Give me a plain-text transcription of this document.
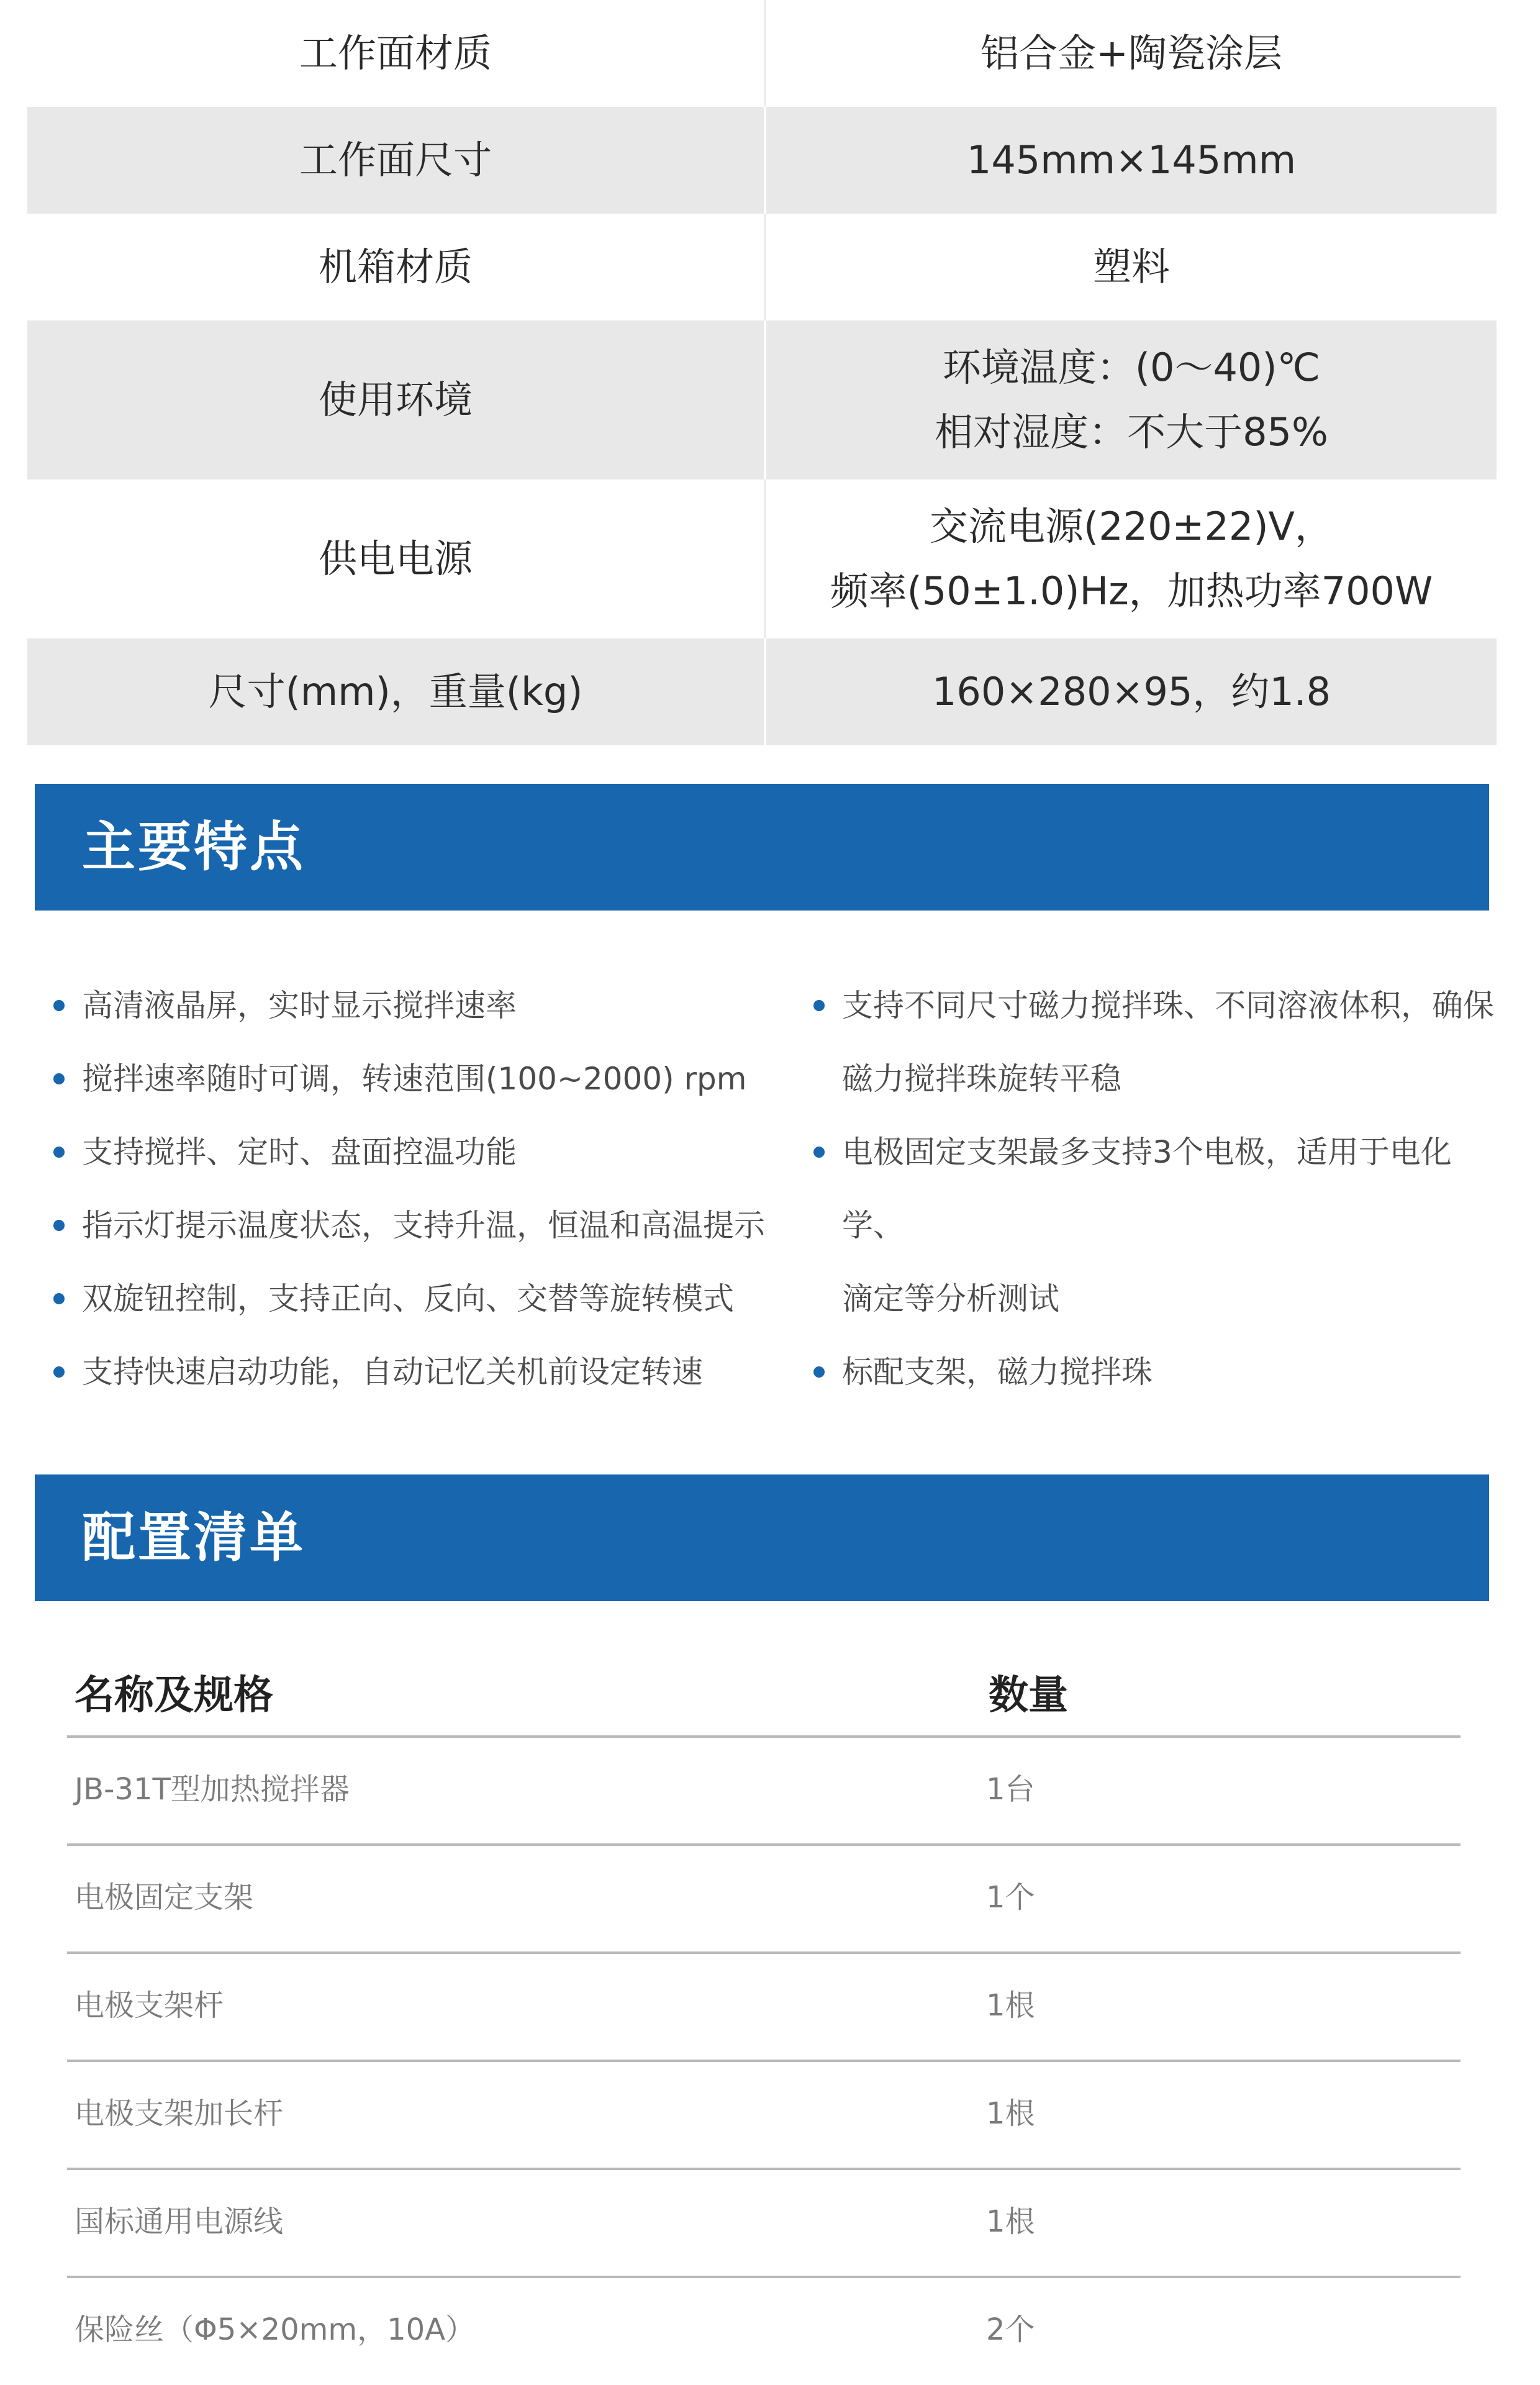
工作面材质	铝合金+陶瓷涂层
工作面尺寸	145mm×145mm
机箱材质	塑料
使用环境	环境温度：(0～40)℃
相对湿度：不大于85%

供电电源	交流电源(220±22)V，
频率(50±1.0)Hz，加热功率700W

尺寸(mm)，重量(kg)	160×280×95，约1.8
主要特点
高清液晶屏，实时显示搅拌速率
搅拌速率随时可调，转速范围(100~2000) rpm
支持搅拌、定时、盘面控温功能
指示灯提示温度状态，支持升温，恒温和高温提示
双旋钮控制，支持正向、反向、交替等旋转模式
支持快速启动功能，自动记忆关机前设定转速
支持不同尺寸磁力搅拌珠、不同溶液体积，确保
磁力搅拌珠旋转平稳
电极固定支架最多支持3个电极，适用于电化学、
滴定等分析测试
标配支架，磁力搅拌珠
配置清单
名称及规格	数量
JB-31T型加热搅拌器	1台
电极固定支架	1个
电极支架杆	1根
电极支架加长杆	1根
国标通用电源线	1根
保险丝（Φ5×20mm，10A）	2个
